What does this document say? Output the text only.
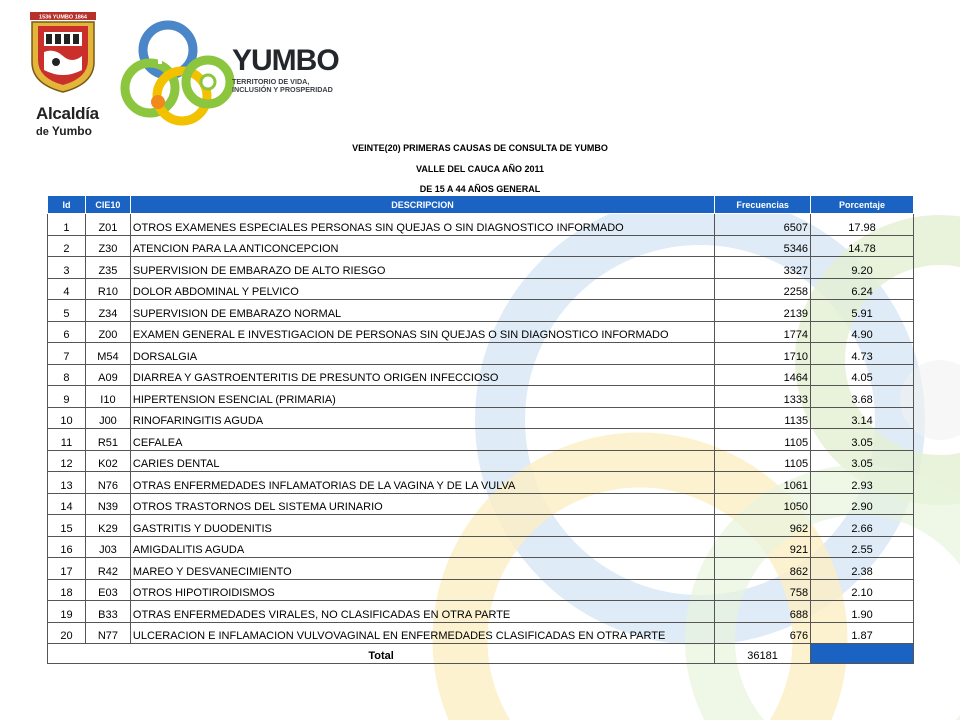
1536 YUMBO 1864
Alcaldía
de Yumbo
YUMBO
TERRITORIO DE VIDA,
INCLUSIÓN Y PROSPERIDAD
VEINTE(20) PRIMERAS CAUSAS DE CONSULTA DE YUMBO
VALLE DEL CAUCA AÑO 2011
DE 15 A 44 AÑOS GENERAL
Id	CIE10	DESCRIPCION	Frecuencias	Porcentaje
1	Z01	OTROS EXAMENES ESPECIALES PERSONAS SIN QUEJAS O SIN DIAGNOSTICO INFORMADO	6507	17.98
2	Z30	ATENCION PARA LA ANTICONCEPCION	5346	14.78
3	Z35	SUPERVISION DE EMBARAZO DE ALTO RIESGO	3327	9.20
4	R10	DOLOR ABDOMINAL Y PELVICO	2258	6.24
5	Z34	SUPERVISION DE EMBARAZO NORMAL	2139	5.91
6	Z00	EXAMEN GENERAL E INVESTIGACION DE PERSONAS SIN QUEJAS O SIN DIAGNOSTICO INFORMADO	1774	4.90
7	M54	DORSALGIA	1710	4.73
8	A09	DIARREA Y GASTROENTERITIS DE PRESUNTO ORIGEN INFECCIOSO	1464	4.05
9	I10	HIPERTENSION ESENCIAL (PRIMARIA)	1333	3.68
10	J00	RINOFARINGITIS AGUDA	1135	3.14
11	R51	CEFALEA	1105	3.05
12	K02	CARIES DENTAL	1105	3.05
13	N76	OTRAS ENFERMEDADES INFLAMATORIAS DE LA VAGINA Y DE LA VULVA	1061	2.93
14	N39	OTROS TRASTORNOS DEL SISTEMA URINARIO	1050	2.90
15	K29	GASTRITIS Y DUODENITIS	962	2.66
16	J03	AMIGDALITIS AGUDA	921	2.55
17	R42	MAREO Y DESVANECIMIENTO	862	2.38
18	E03	OTROS HIPOTIROIDISMOS	758	2.10
19	B33	OTRAS ENFERMEDADES VIRALES, NO CLASIFICADAS EN OTRA PARTE	688	1.90
20	N77	ULCERACION E INFLAMACION VULVOVAGINAL EN ENFERMEDADES CLASIFICADAS EN OTRA PARTE	676	1.87
Total			36181	
